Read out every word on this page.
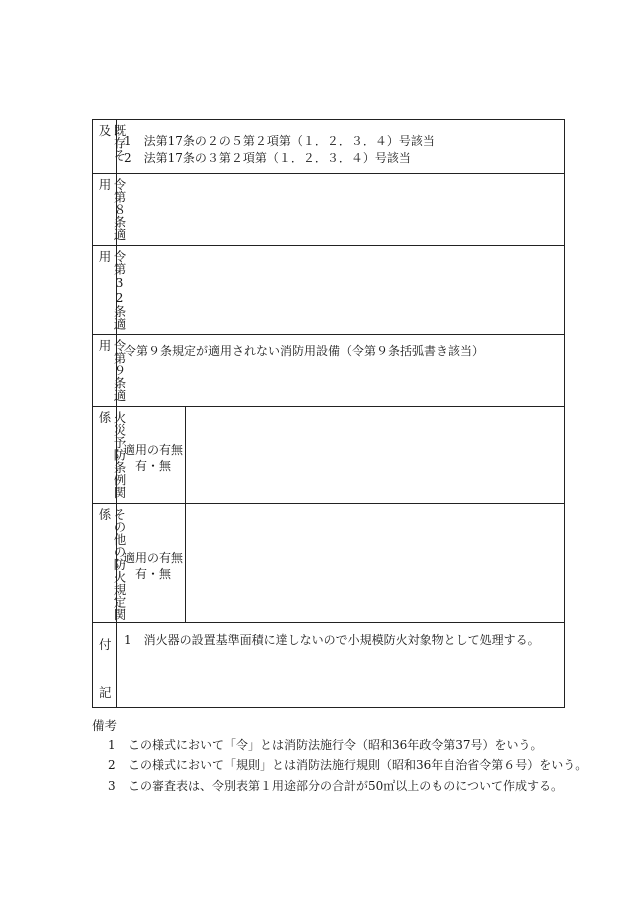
既存そ及
1　法第17条の２の５第２項第（１．２．３．４）号該当
2　法第17条の３第２項第（１．２．３．４）号該当
令第８条適用
令第32条適用
令第９条適用	令第９条規定が適用されない消防用設備（令第９条括弧書き該当）
火災予防条例関係
適用の有無
有・無
その他の防火規定関係
適用の有無
有・無
付
記
1　消火器の設置基準面積に達しないので小規模防火対象物として処理する。
備考
1 この様式において「令」とは消防法施行令（昭和36年政令第37号）をいう。
2 この様式において「規則」とは消防法施行規則（昭和36年自治省令第６号）をいう。
3 この審査表は、令別表第１用途部分の合計が50㎡以上のものについて作成する。
